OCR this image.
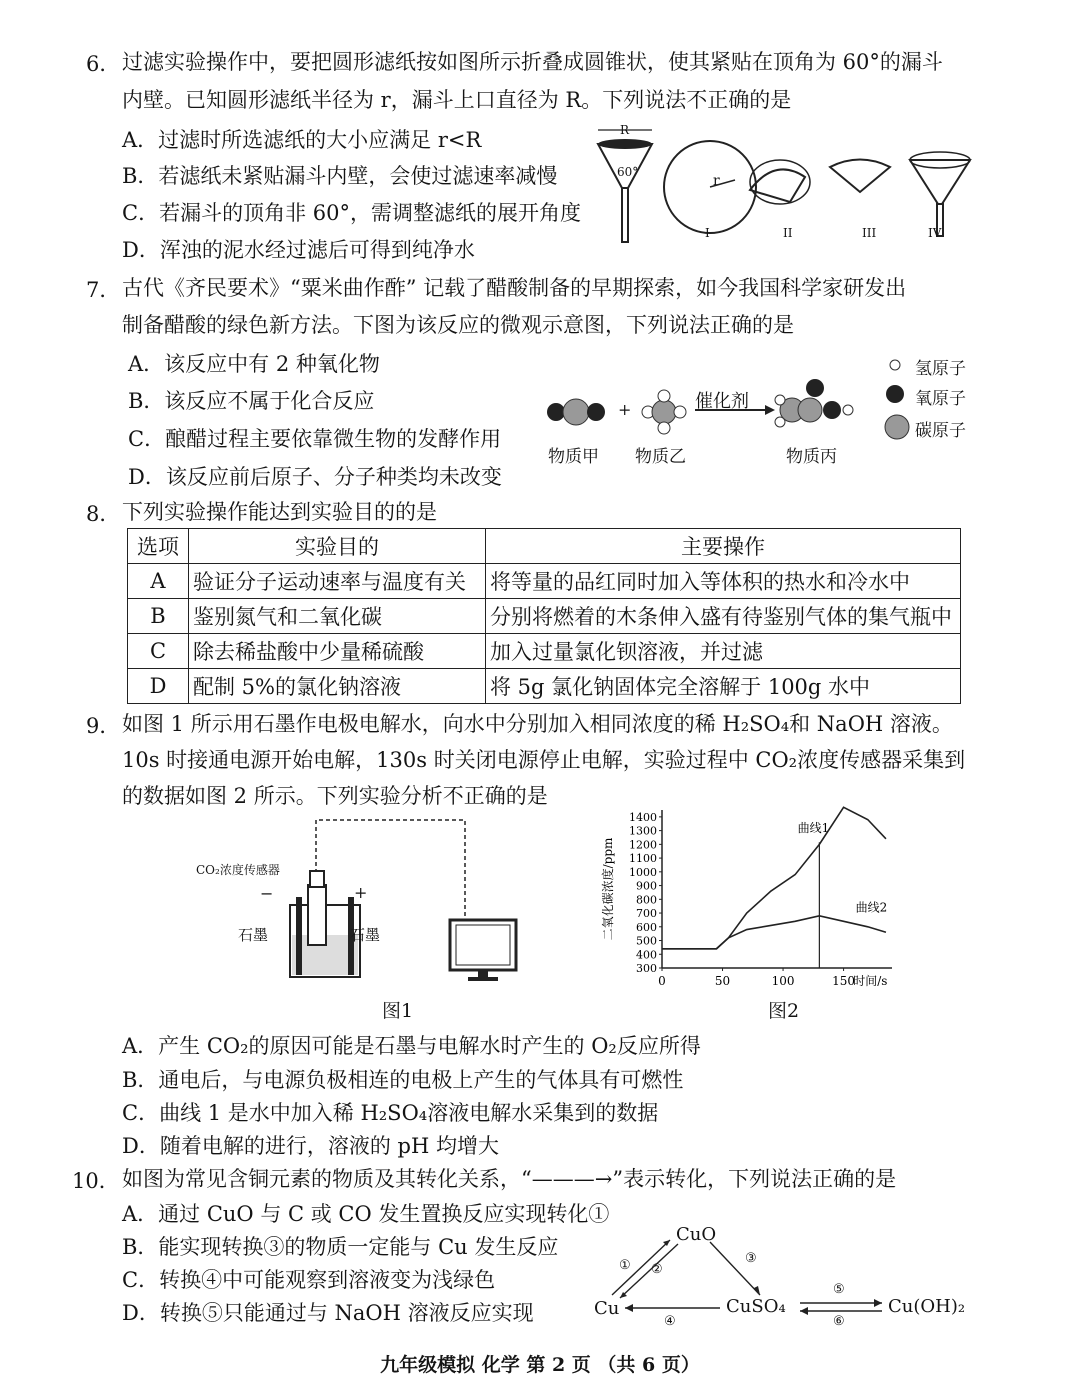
6． 过滤实验操作中，要把圆形滤纸按如图所示折叠成圆锥状，使其紧贴在顶角为 60°的漏斗
内壁。已知圆形滤纸半径为 r，漏斗上口直径为 R。下列说法不正确的是
A．过滤时所选滤纸的大小应满足 r<R
B．若滤纸未紧贴漏斗内壁，会使过滤速率减慢
C．若漏斗的顶角非 60°，需调整滤纸的展开角度
D．浑浊的泥水经过滤后可得到纯净水
R
60°
r
I	II	III	IV
7． 古代《齐民要术》“粟米曲作酢” 记载了醋酸制备的早期探索，如今我国科学家研发出
制备醋酸的绿色新方法。下图为该反应的微观示意图，下列说法正确的是
A．该反应中有 2 种氧化物
B．该反应不属于化合反应
C．酿醋过程主要依靠微生物的发酵作用
D．该反应前后原子、分子种类均未改变
+	催化剂
物质甲 物质乙	物质丙
氢原子
氧原子
碳原子
8． 下列实验操作能达到实验目的的是
选项	实验目的	主要操作
A	验证分子运动速率与温度有关	将等量的品红同时加入等体积的热水和冷水中
B	鉴别氮气和二氧化碳	分别将燃着的木条伸入盛有待鉴别气体的集气瓶中
C	除去稀盐酸中少量稀硫酸	加入过量氯化钡溶液，并过滤
D	配制 5%的氯化钠溶液	将 5g 氯化钠固体完全溶解于 100g 水中
9． 如图 1 所示用石墨作电极电解水，向水中分别加入相同浓度的稀 H₂SO₄和 NaOH 溶液。
10s 时接通电源开始电解，130s 时关闭电源停止电解，实验过程中 CO₂浓度传感器采集到
的数据如图 2 所示。下列实验分析不正确的是
CO₂浓度传感器
−	+
石墨	石墨
图1
300
400
500
600
700
800
900
1000
1100
1200
1300
1400
0	50	100	150
时间/s
二氧化碳浓度/ppm
曲线1
曲线2
图2
A．产生 CO₂的原因可能是石墨与电解水时产生的 O₂反应所得
B．通电后，与电源负极相连的电极上产生的气体具有可燃性
C．曲线 1 是水中加入稀 H₂SO₄溶液电解水采集到的数据
D．随着电解的进行，溶液的 pH 均增大
10． 如图为常见含铜元素的物质及其转化关系，“———→”表示转化，下列说法正确的是
A．通过 CuO 与 C 或 CO 发生置换反应实现转化①
B．能实现转换③的物质一定能与 Cu 发生反应
C．转换④中可能观察到溶液变为浅绿色
D．转换⑤只能通过与 NaOH 溶液反应实现
CuO
Cu	CuSO₄	Cu(OH)₂
① ②
③
④
⑤
⑥
九年级模拟 化学 第 2 页 （共 6 页）
